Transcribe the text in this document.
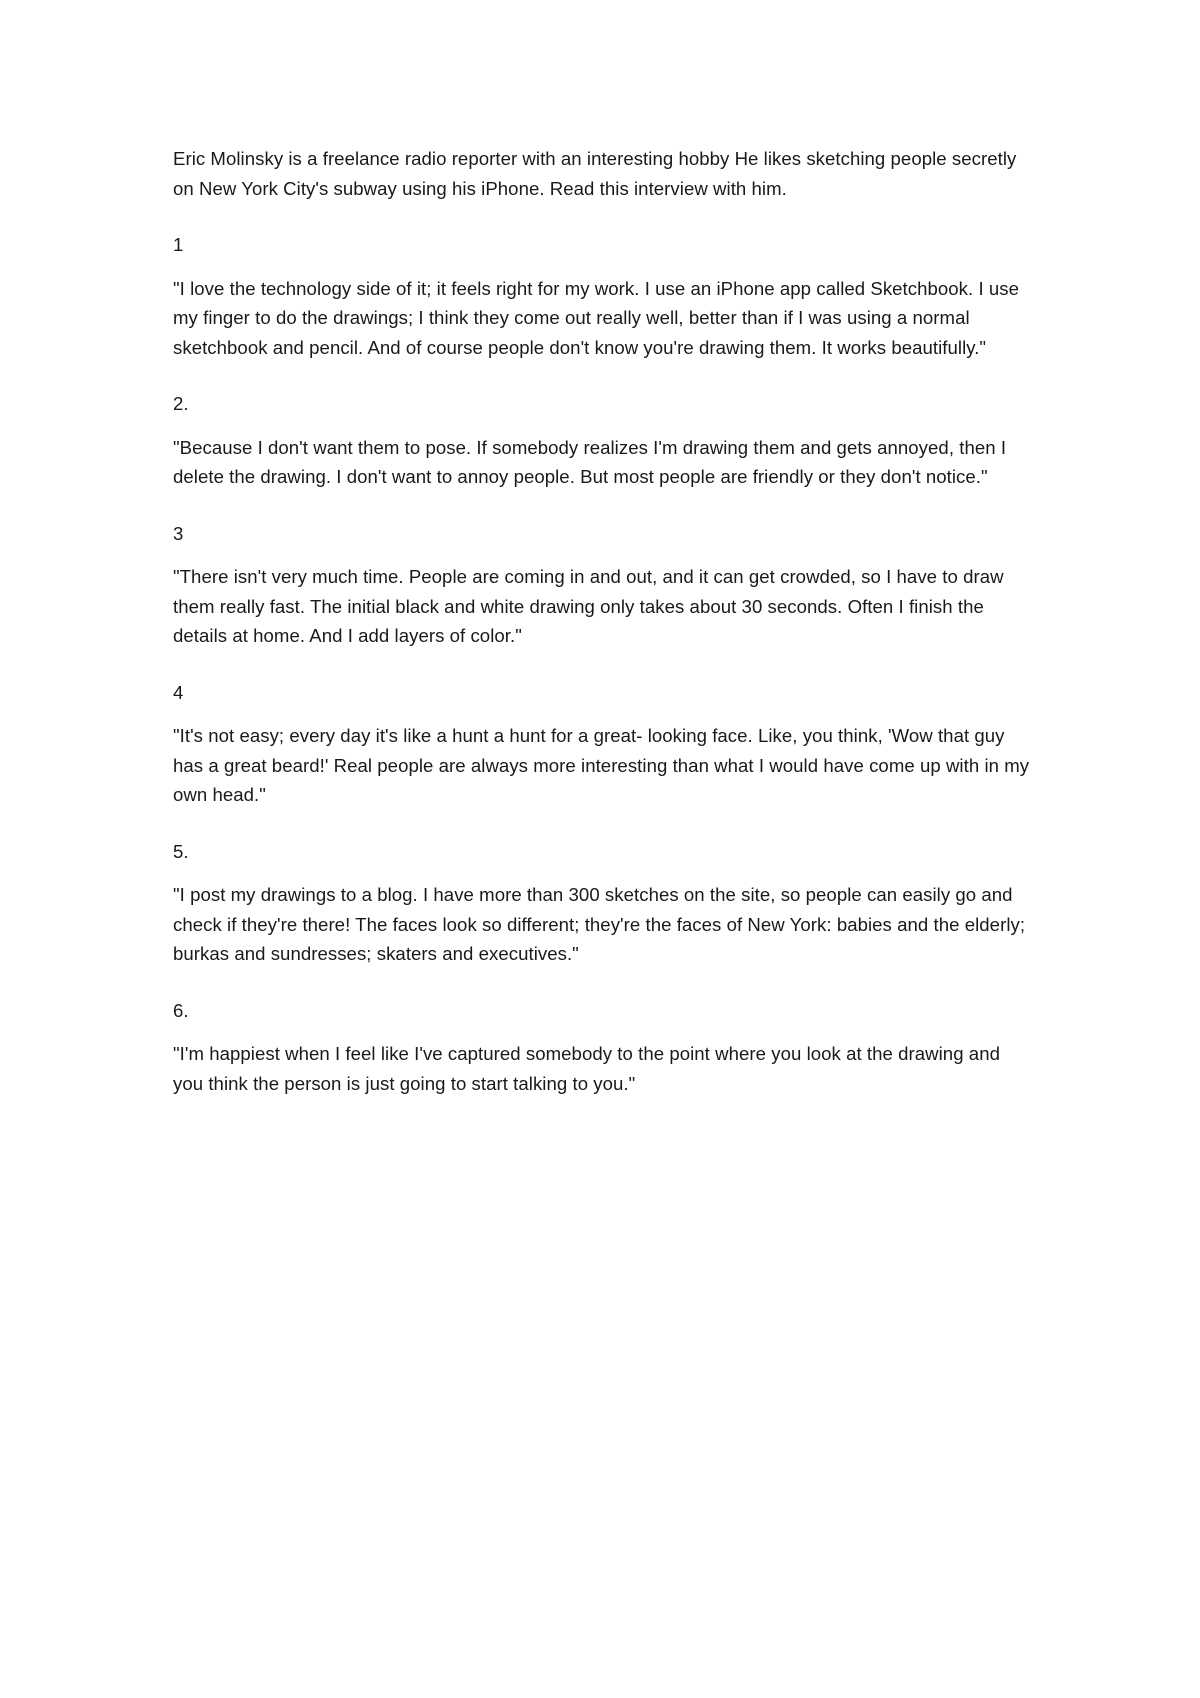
Eric Molinsky is a freelance radio reporter with an interesting hobby He likes sketching people secretly on New York City's subway using his iPhone. Read this interview with him.

1

"I love the technology side of it; it feels right for my work. I use an iPhone app called Sketchbook. I use my finger to do the drawings; I think they come out really well, better than if I was using a normal sketchbook and pencil. And of course people don't know you're drawing them. It works beautifully."

2.

"Because I don't want them to pose. If somebody realizes I'm drawing them and gets annoyed, then I delete the drawing. I don't want to annoy people. But most people are friendly or they don't notice."

3

"There isn't very much time. People are coming in and out, and it can get crowded, so I have to draw them really fast. The initial black and white drawing only takes about 30 seconds. Often I finish the details at home. And I add layers of color."

4

"It's not easy; every day it's like a hunt a hunt for a great- looking face. Like, you think, 'Wow that guy has a great beard!' Real people are always more interesting than what I would have come up with in my own head."

5.

"I post my drawings to a blog. I have more than 300 sketches on the site, so people can easily go and check if they're there! The faces look so different; they're the faces of New York: babies and the elderly; burkas and sundresses; skaters and executives."

6.

"I'm happiest when I feel like I've captured somebody to the point where you look at the drawing and you think the person is just going to start talking to you."
